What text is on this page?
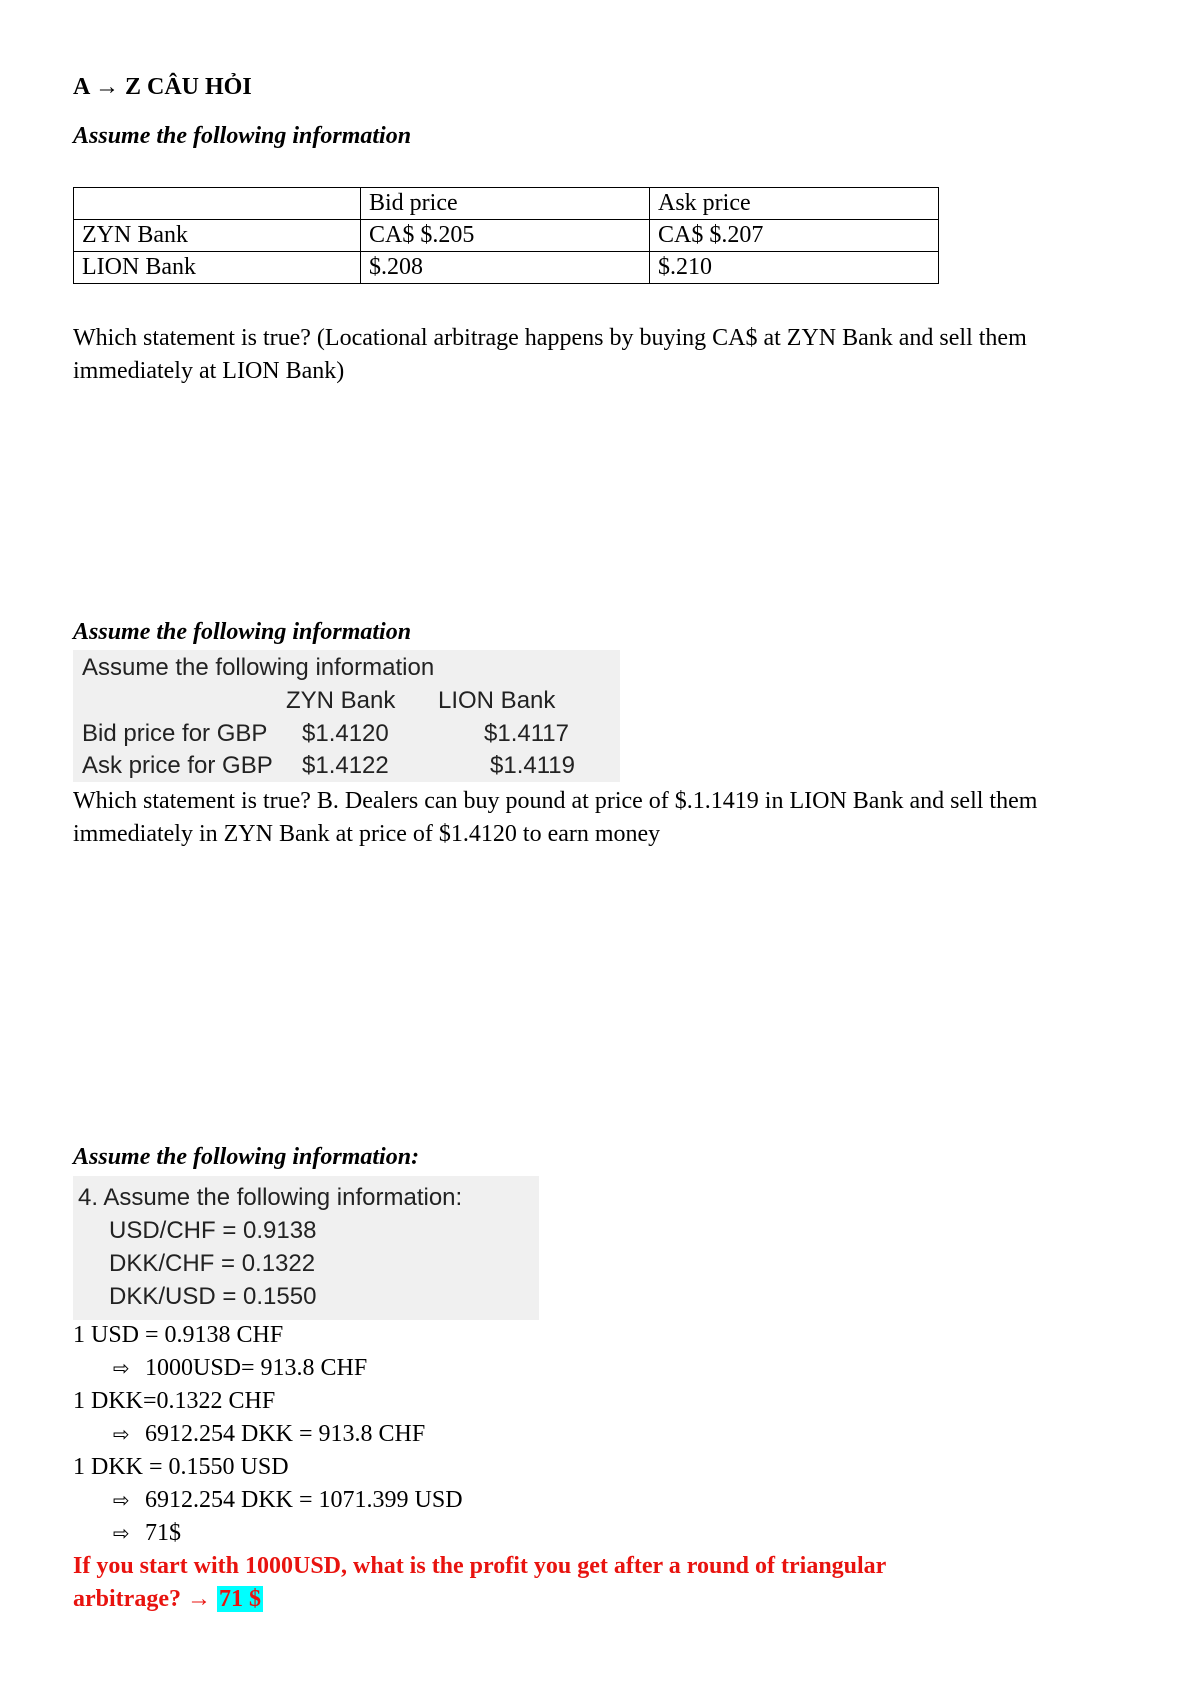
A → Z CÂU HỎI
Assume the following information
	Bid price	Ask price
ZYN Bank	CA$ $.205	CA$ $.207
LION Bank	$.208	$.210
Which statement is true? (Locational arbitrage happens by buying CA$ at ZYN Bank and sell them immediately at LION Bank)
Assume the following information
Assume the following information
ZYN Bank LION Bank
Bid price for GBP $1.4120	$1.4117
Ask price for GBP $1.4122	$1.4119
Which statement is true? B. Dealers can buy pound at price of $.1.1419 in LION Bank and sell them immediately in ZYN Bank at price of $1.4120 to earn money
Assume the following information:
4. Assume the following information:
USD/CHF = 0.9138
DKK/CHF = 0.1322
DKK/USD = 0.1550
1 USD = 0.9138 CHF
⇨ 1000USD= 913.8 CHF
1 DKK=0.1322 CHF
⇨ 6912.254 DKK = 913.8 CHF
1 DKK = 0.1550 USD
⇨ 6912.254 DKK = 1071.399 USD
⇨ 71$
If you start with 1000USD, what is the profit you get after a round of triangular
arbitrage? → 71 $
